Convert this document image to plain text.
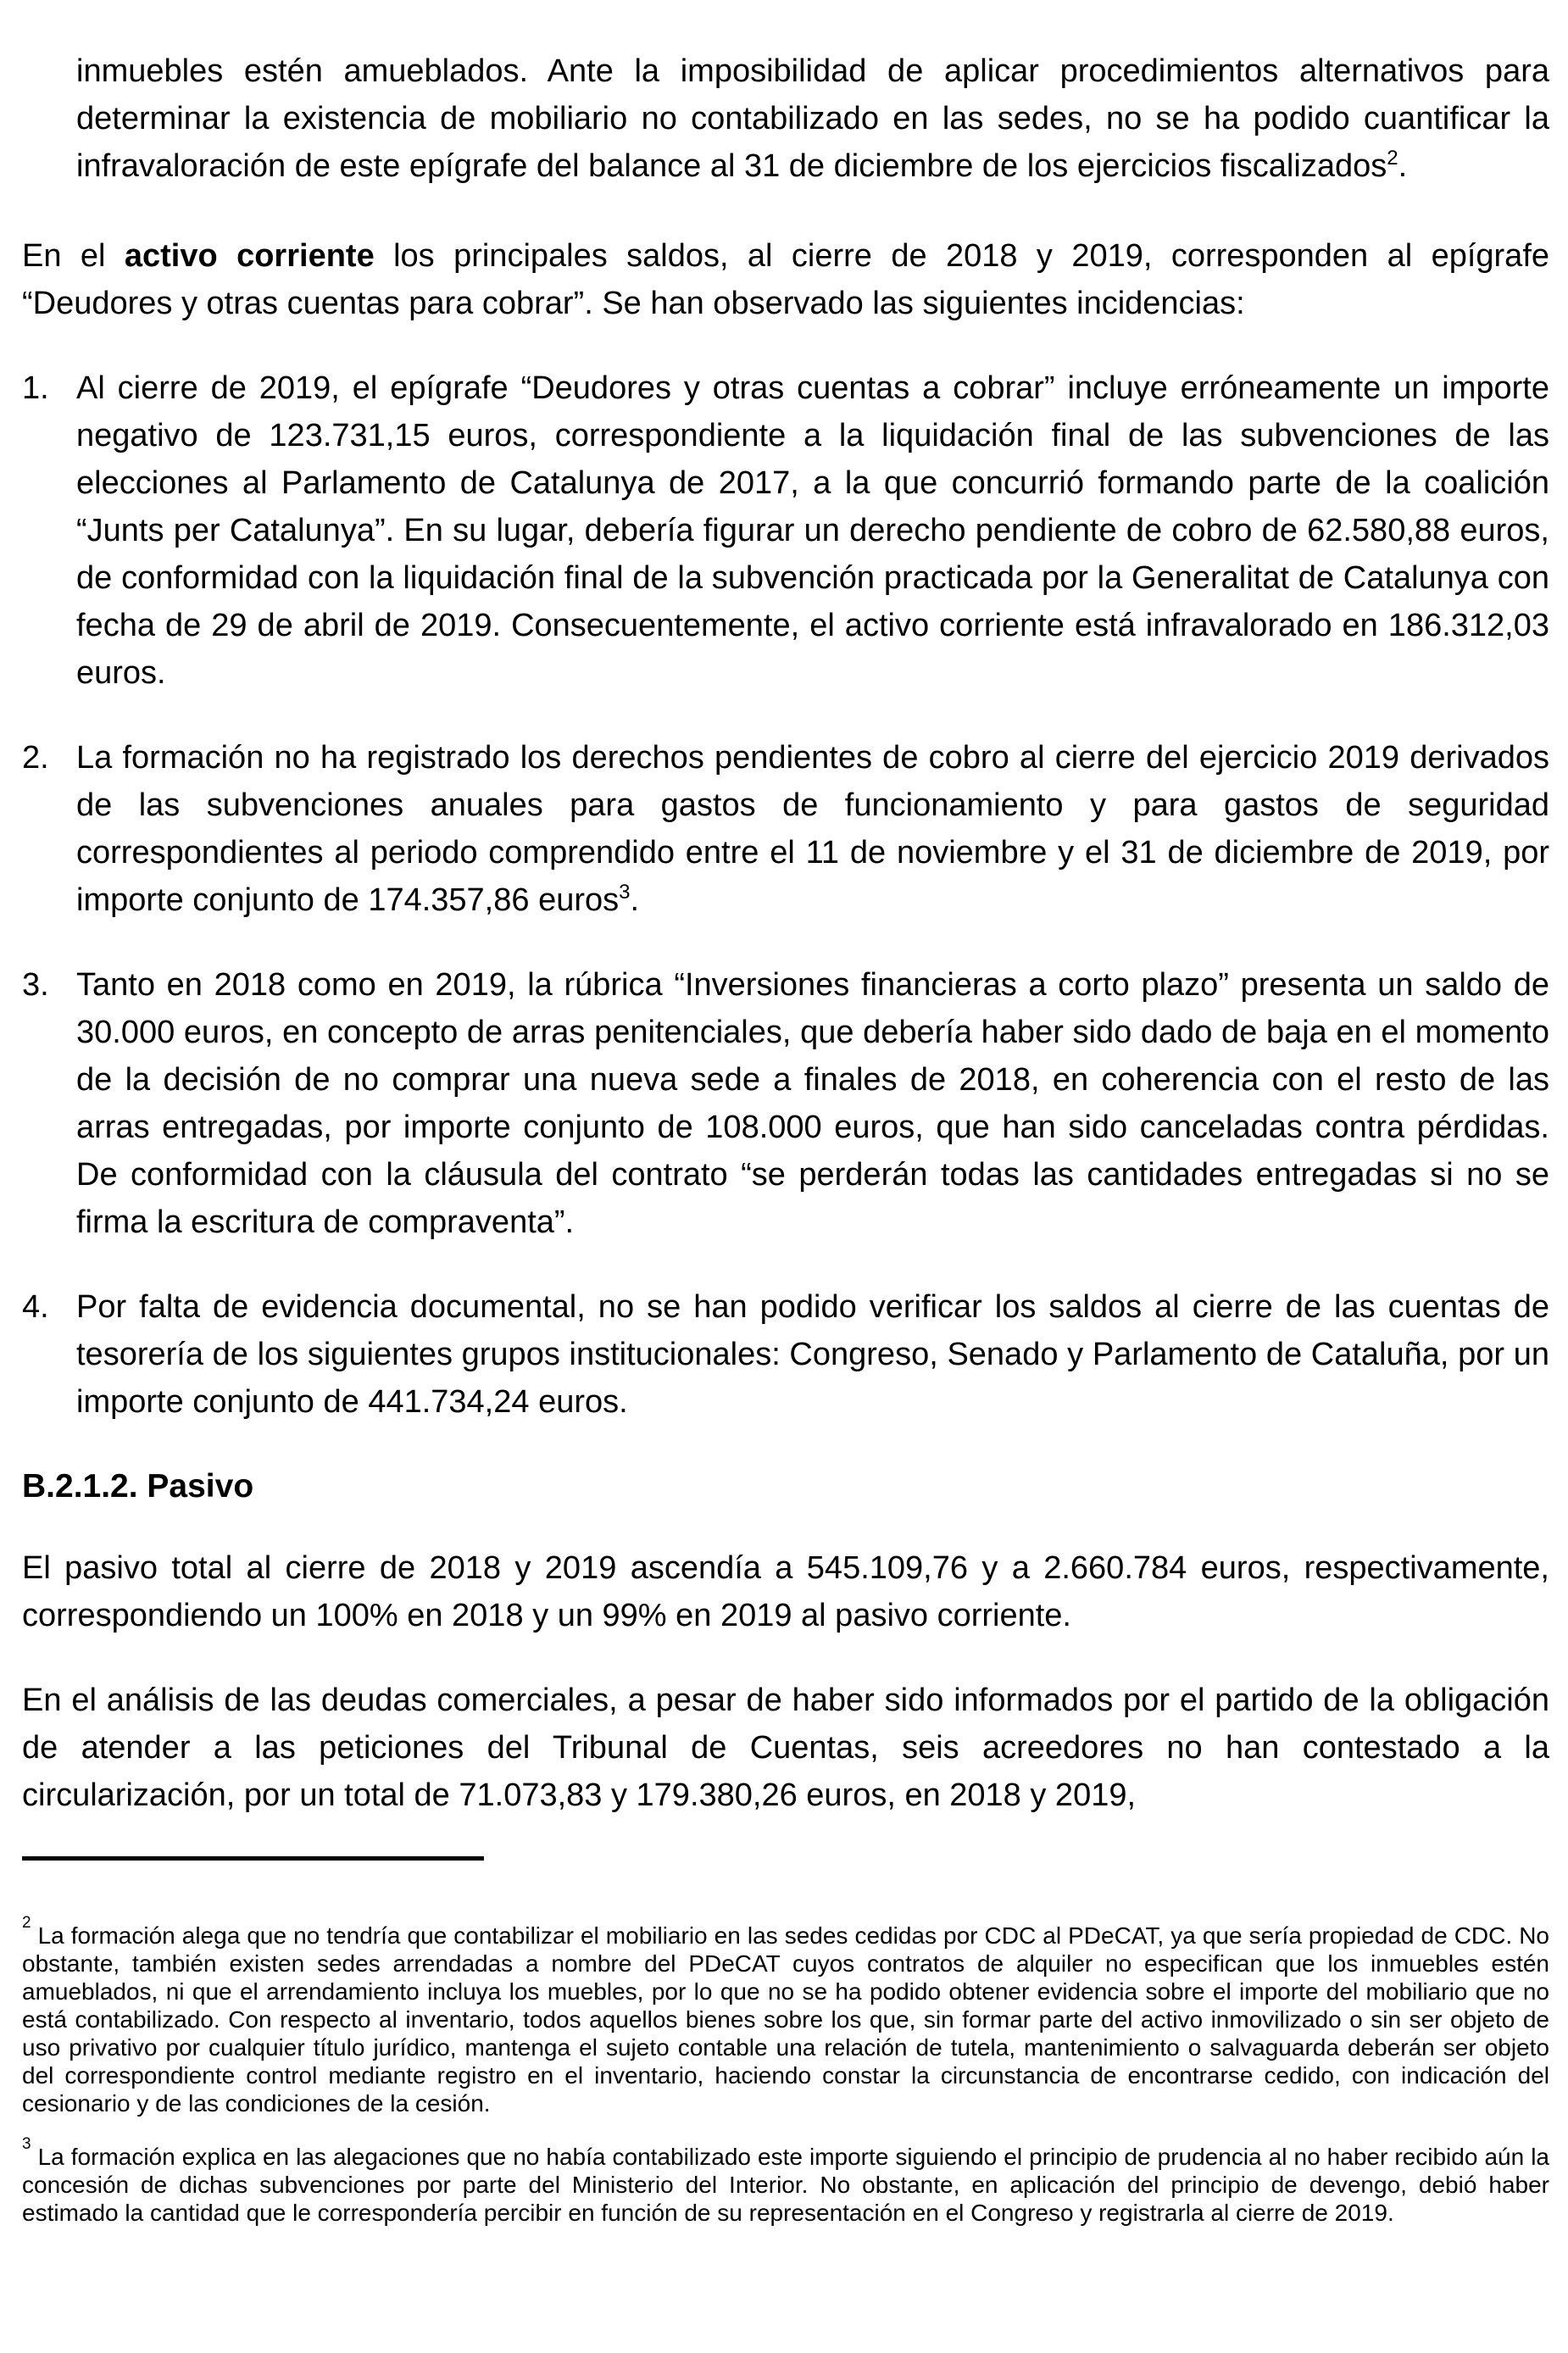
inmuebles estén amueblados. Ante la imposibilidad de aplicar procedimientos alternativos para determinar la existencia de mobiliario no contabilizado en las sedes, no se ha podido cuantificar la infravaloración de este epígrafe del balance al 31 de diciembre de los ejercicios fiscalizados$^2$.

En el activo corriente los principales saldos, al cierre de 2018 y 2019, corresponden al epígrafe “Deudores y otras cuentas para cobrar”. Se han observado las siguientes incidencias:

1. Al cierre de 2019, el epígrafe “Deudores y otras cuentas a cobrar” incluye erróneamente un importe negativo de 123.731,15 euros, correspondiente a la liquidación final de las subvenciones de las elecciones al Parlamento de Catalunya de 2017, a la que concurrió formando parte de la coalición “Junts per Catalunya”. En su lugar, debería figurar un derecho pendiente de cobro de 62.580,88 euros, de conformidad con la liquidación final de la subvención practicada por la Generalitat de Catalunya con fecha de 29 de abril de 2019. Consecuentemente, el activo corriente está infravalorado en 186.312,03 euros.
2. La formación no ha registrado los derechos pendientes de cobro al cierre del ejercicio 2019 derivados de las subvenciones anuales para gastos de funcionamiento y para gastos de seguridad correspondientes al periodo comprendido entre el 11 de noviembre y el 31 de diciembre de 2019, por importe conjunto de 174.357,86 euros$^3$.
3. Tanto en 2018 como en 2019, la rúbrica “Inversiones financieras a corto plazo” presenta un saldo de 30.000 euros, en concepto de arras penitenciales, que debería haber sido dado de baja en el momento de la decisión de no comprar una nueva sede a finales de 2018, en coherencia con el resto de las arras entregadas, por importe conjunto de 108.000 euros, que han sido canceladas contra pérdidas. De conformidad con la cláusula del contrato “se perderán todas las cantidades entregadas si no se firma la escritura de compraventa”.
4. Por falta de evidencia documental, no se han podido verificar los saldos al cierre de las cuentas de tesorería de los siguientes grupos institucionales: Congreso, Senado y Parlamento de Cataluña, por un importe conjunto de 441.734,24 euros.
B.2.1.2. Pasivo

El pasivo total al cierre de 2018 y 2019 ascendía a 545.109,76 y a 2.660.784 euros, respectivamente, correspondiendo un 100% en 2018 y un 99% en 2019 al pasivo corriente.

En el análisis de las deudas comerciales, a pesar de haber sido informados por el partido de la obligación de atender a las peticiones del Tribunal de Cuentas, seis acreedores no han contestado a la circularización, por un total de 71.073,83 y 179.380,26 euros, en 2018 y 2019,

$^2$ La formación alega que no tendría que contabilizar el mobiliario en las sedes cedidas por CDC al PDeCAT, ya que sería propiedad de CDC. No obstante, también existen sedes arrendadas a nombre del PDeCAT cuyos contratos de alquiler no especifican que los inmuebles estén amueblados, ni que el arrendamiento incluya los muebles, por lo que no se ha podido obtener evidencia sobre el importe del mobiliario que no está contabilizado. Con respecto al inventario, todos aquellos bienes sobre los que, sin formar parte del activo inmovilizado o sin ser objeto de uso privativo por cualquier título jurídico, mantenga el sujeto contable una relación de tutela, mantenimiento o salvaguarda deberán ser objeto del correspondiente control mediante registro en el inventario, haciendo constar la circunstancia de encontrarse cedido, con indicación del cesionario y de las condiciones de la cesión.

$^3$ La formación explica en las alegaciones que no había contabilizado este importe siguiendo el principio de prudencia al no haber recibido aún la concesión de dichas subvenciones por parte del Ministerio del Interior. No obstante, en aplicación del principio de devengo, debió haber estimado la cantidad que le correspondería percibir en función de su representación en el Congreso y registrarla al cierre de 2019.
